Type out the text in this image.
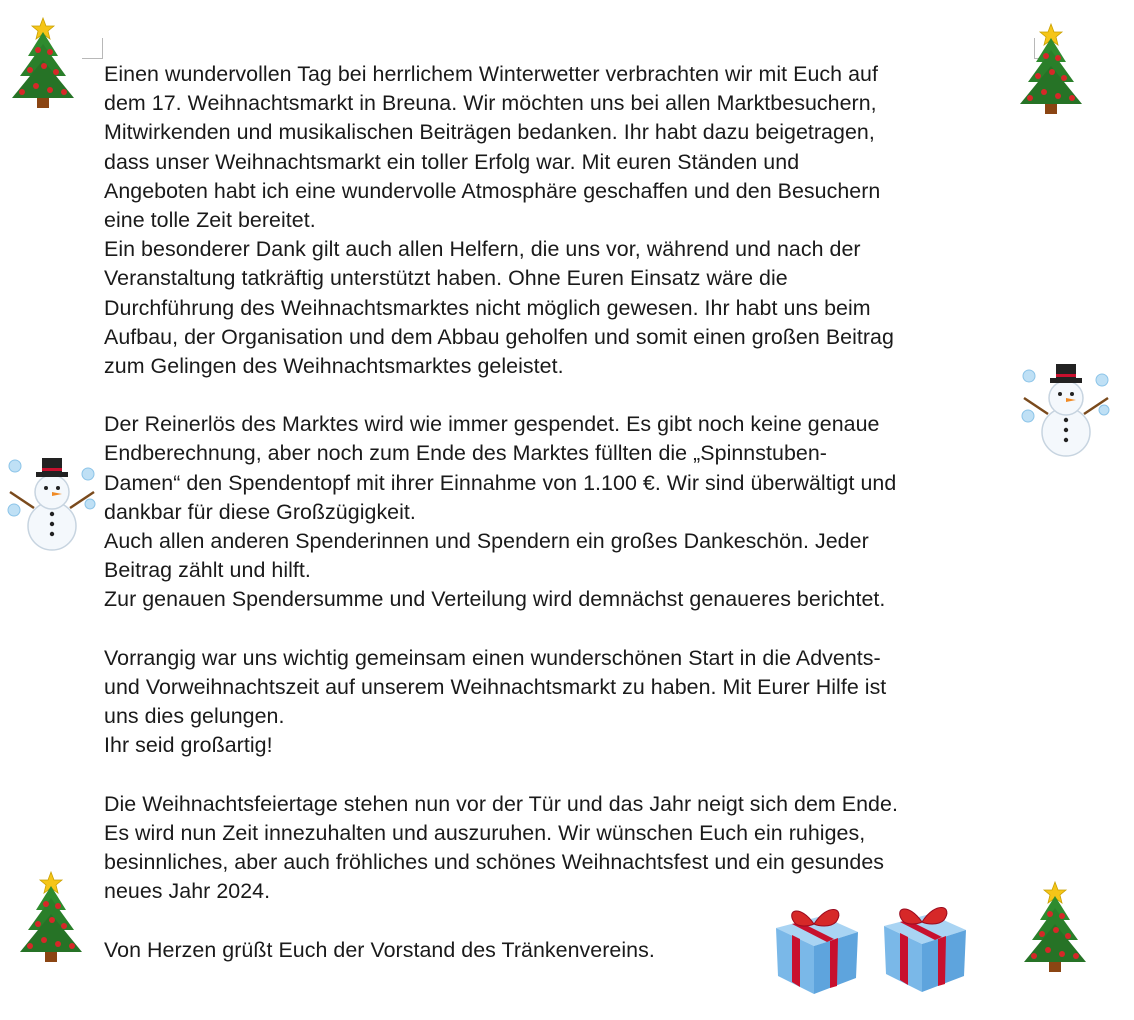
Einen wundervollen Tag bei herrlichem Winterwetter verbrachten wir mit Euch auf
dem 17. Weihnachtsmarkt in Breuna. Wir möchten uns bei allen Marktbesuchern,
Mitwirkenden und musikalischen Beiträgen bedanken. Ihr habt dazu beigetragen,
dass unser Weihnachtsmarkt ein toller Erfolg war. Mit euren Ständen und
Angeboten habt ich eine wundervolle Atmosphäre geschaffen und den Besuchern
eine tolle Zeit bereitet.
Ein besonderer Dank gilt auch allen Helfern, die uns vor, während und nach der
Veranstaltung tatkräftig unterstützt haben. Ohne Euren Einsatz wäre die
Durchführung des Weihnachtsmarktes nicht möglich gewesen. Ihr habt uns beim
Aufbau, der Organisation und dem Abbau geholfen und somit einen großen Beitrag
zum Gelingen des Weihnachtsmarktes geleistet.
Der Reinerlös des Marktes wird wie immer gespendet. Es gibt noch keine genaue
Endberechnung, aber noch zum Ende des Marktes füllten die „Spinnstuben-
Damen“ den Spendentopf mit ihrer Einnahme von 1.100 €. Wir sind überwältigt und
dankbar für diese Großzügigkeit.
Auch allen anderen Spenderinnen und Spendern ein großes Dankeschön. Jeder
Beitrag zählt und hilft.
Zur genauen Spendersumme und Verteilung wird demnächst genaueres berichtet.
Vorrangig war uns wichtig gemeinsam einen wunderschönen Start in die Advents-
und Vorweihnachtszeit auf unserem Weihnachtsmarkt zu haben. Mit Eurer Hilfe ist
uns dies gelungen.
Ihr seid großartig!
Die Weihnachtsfeiertage stehen nun vor der Tür und das Jahr neigt sich dem Ende.
Es wird nun Zeit innezuhalten und auszuruhen. Wir wünschen Euch ein ruhiges,
besinnliches, aber auch fröhliches und schönes Weihnachtsfest und ein gesundes
neues Jahr 2024.
Von Herzen grüßt Euch der Vorstand des Tränkenvereins.
